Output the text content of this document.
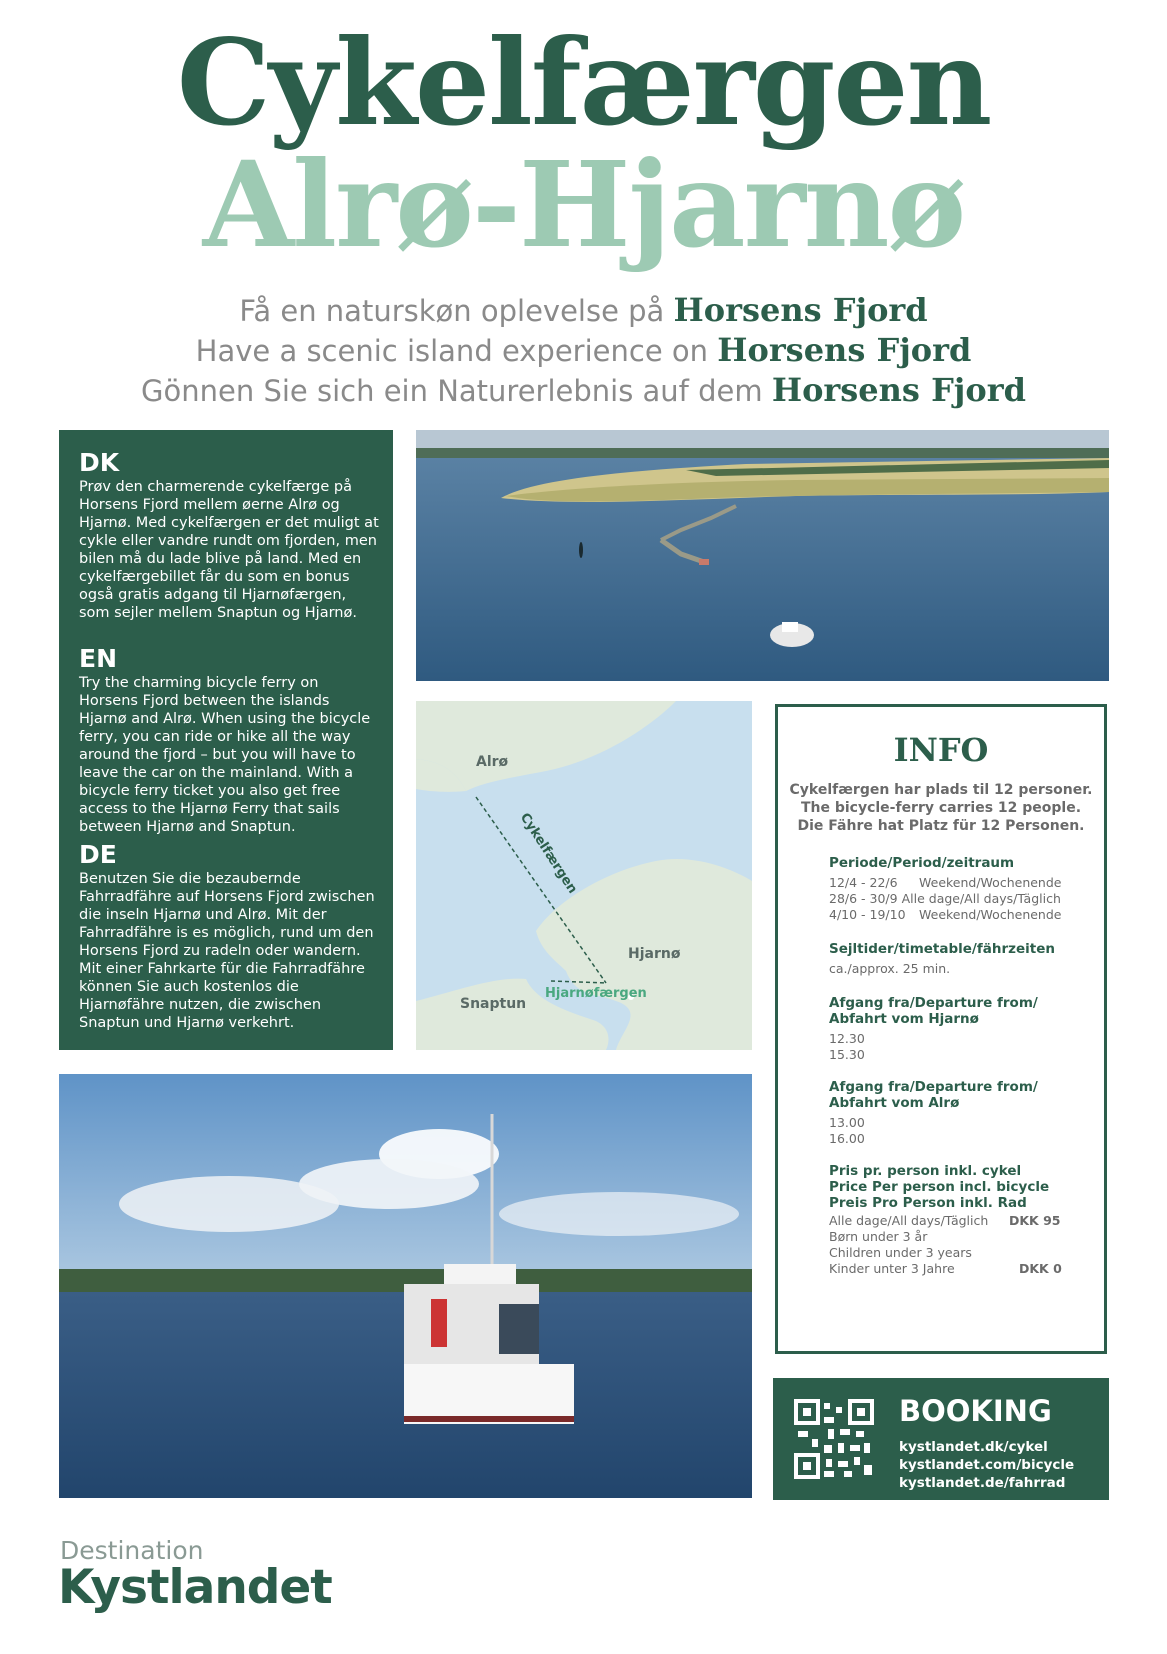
Cykelfærgen
Alrø-Hjarnø
Få en naturskøn oplevelse på Horsens Fjord
Have a scenic island experience on Horsens Fjord
Gönnen Sie sich ein Naturerlebnis auf dem Horsens Fjord
DK
Prøv den charmerende cykelfærge på Horsens Fjord mellem øerne Alrø og Hjarnø. Med cykelfærgen er det muligt at cykle eller vandre rundt om fjorden, men bilen må du lade blive på land. Med en cykelfærgebillet får du som en bonus også gratis adgang til Hjarnøfærgen, som sejler mellem Snaptun og Hjarnø.
EN
Try the charming bicycle ferry on Horsens Fjord between the islands Hjarnø and Alrø. When using the bicycle ferry, you can ride or hike all the way around the fjord – but you will have to leave the car on the mainland. With a bicycle ferry ticket you also get free access to the Hjarnø Ferry that sails between Hjarnø and Snaptun.
DE
Benutzen Sie die bezaubernde Fahrradfähre auf Horsens Fjord zwischen die inseln Hjarnø und Alrø. Mit der Fahrradfähre is es möglich, rund um den Horsens Fjord zu radeln oder wandern. Mit einer Fahrkarte für die Fahrradfähre können Sie auch kostenlos die Hjarnøfähre nutzen, die zwischen Snaptun und Hjarnø verkehrt.
Alrø
Hjarnø
Snaptun
Cykelfærgen
Hjarnøfærgen
INFO
Cykelfærgen har plads til 12 personer.
The bicycle-ferry carries 12 people.
Die Fähre hat Platz für 12 Personen.
Periode/Period/zeitraum
12/4 - 22/6 Weekend/Wochenende
28/6 - 30/9 Alle dage/All days/Täglich
4/10 - 19/10 Weekend/Wochenende
Sejltider/timetable/fährzeiten
ca./approx. 25 min.
Afgang fra/Departure from/
Abfahrt vom Hjarnø
12.30
15.30
Afgang fra/Departure from/
Abfahrt vom Alrø
13.00
16.00
Pris pr. person inkl. cykel
Price Per person incl. bicycle
Preis Pro Person inkl. Rad
Alle dage/All days/Täglich DKK 95
Børn under 3 år
Children under 3 years
Kinder unter 3 Jahre	DKK 0
BOOKING
kystlandet.dk/cykel
kystlandet.com/bicycle
kystlandet.de/fahrrad
Destination
Kystlandet
